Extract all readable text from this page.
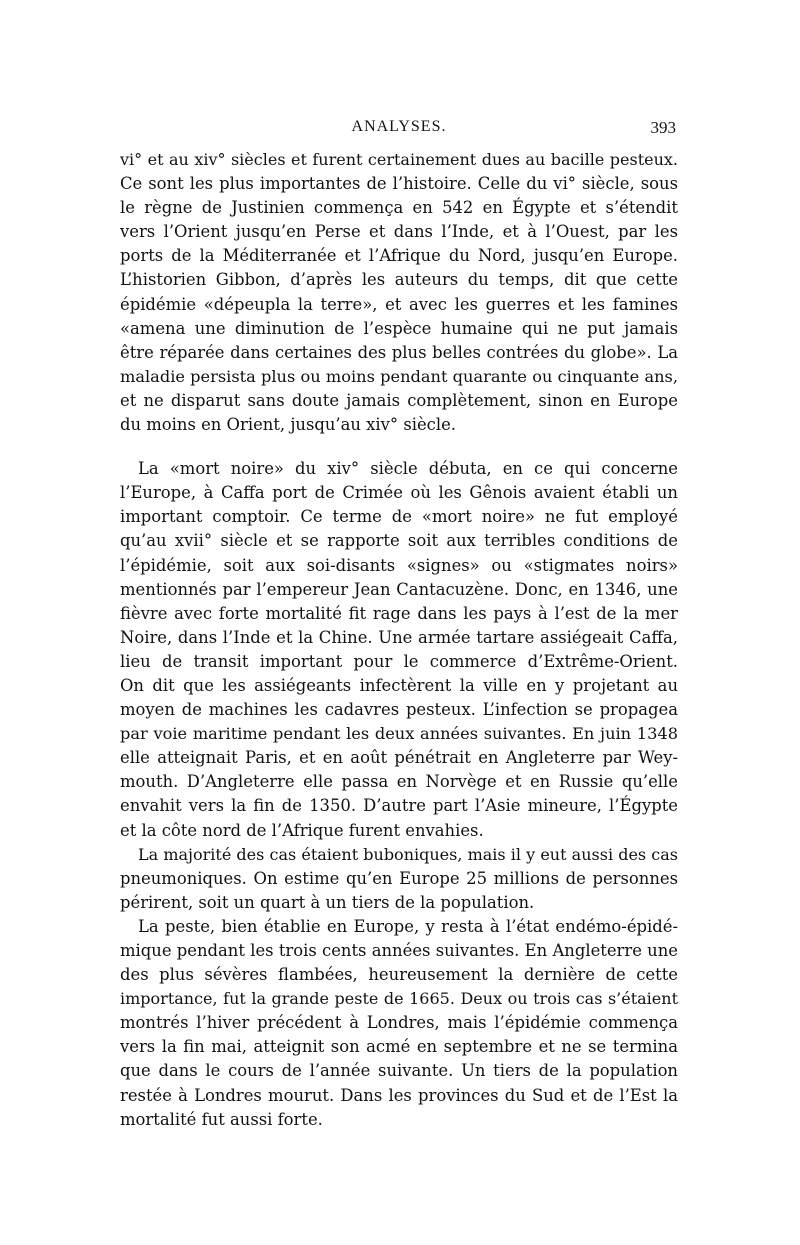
ANALYSES.	393
vi° et au xiv° siècles et furent certainement dues au bacille pesteux.
Ce sont les plus importantes de l’histoire. Celle du vi° siècle, sous
le règne de Justinien commença en 542 en Égypte et s’étendit
vers l’Orient jusqu’en Perse et dans l’Inde, et à l’Ouest, par les
ports de la Méditerranée et l’Afrique du Nord, jusqu’en Europe.
L’historien Gibbon, d’après les auteurs du temps, dit que cette
épidémie «dépeupla la terre», et avec les guerres et les famines
«amena une diminution de l’espèce humaine qui ne put jamais
être réparée dans certaines des plus belles contrées du globe». La
maladie persista plus ou moins pendant quarante ou cinquante ans,
et ne disparut sans doute jamais complètement, sinon en Europe
du moins en Orient, jusqu’au xiv° siècle.
La «mort noire» du xiv° siècle débuta, en ce qui concerne
l’Europe, à Caffa port de Crimée où les Gênois avaient établi un
important comptoir. Ce terme de «mort noire» ne fut employé
qu’au xvii° siècle et se rapporte soit aux terribles conditions de
l’épidémie, soit aux soi-disants «signes» ou «stigmates noirs»
mentionnés par l’empereur Jean Cantacuzène. Donc, en 1346, une
fièvre avec forte mortalité fit rage dans les pays à l’est de la mer
Noire, dans l’Inde et la Chine. Une armée tartare assiégeait Caffa,
lieu de transit important pour le commerce d’Extrême-Orient.
On dit que les assiégeants infectèrent la ville en y projetant au
moyen de machines les cadavres pesteux. L’infection se propagea
par voie maritime pendant les deux années suivantes. En juin 1348
elle atteignait Paris, et en août pénétrait en Angleterre par Wey-
mouth. D’Angleterre elle passa en Norvège et en Russie qu’elle
envahit vers la fin de 1350. D’autre part l’Asie mineure, l’Égypte
et la côte nord de l’Afrique furent envahies.
La majorité des cas étaient buboniques, mais il y eut aussi des cas
pneumoniques. On estime qu’en Europe 25 millions de personnes
périrent, soit un quart à un tiers de la population.
La peste, bien établie en Europe, y resta à l’état endémo-épidé-
mique pendant les trois cents années suivantes. En Angleterre une
des plus sévères flambées, heureusement la dernière de cette
importance, fut la grande peste de 1665. Deux ou trois cas s’étaient
montrés l’hiver précédent à Londres, mais l’épidémie commença
vers la fin mai, atteignit son acmé en septembre et ne se termina
que dans le cours de l’année suivante. Un tiers de la population
restée à Londres mourut. Dans les provinces du Sud et de l’Est la
mortalité fut aussi forte.
